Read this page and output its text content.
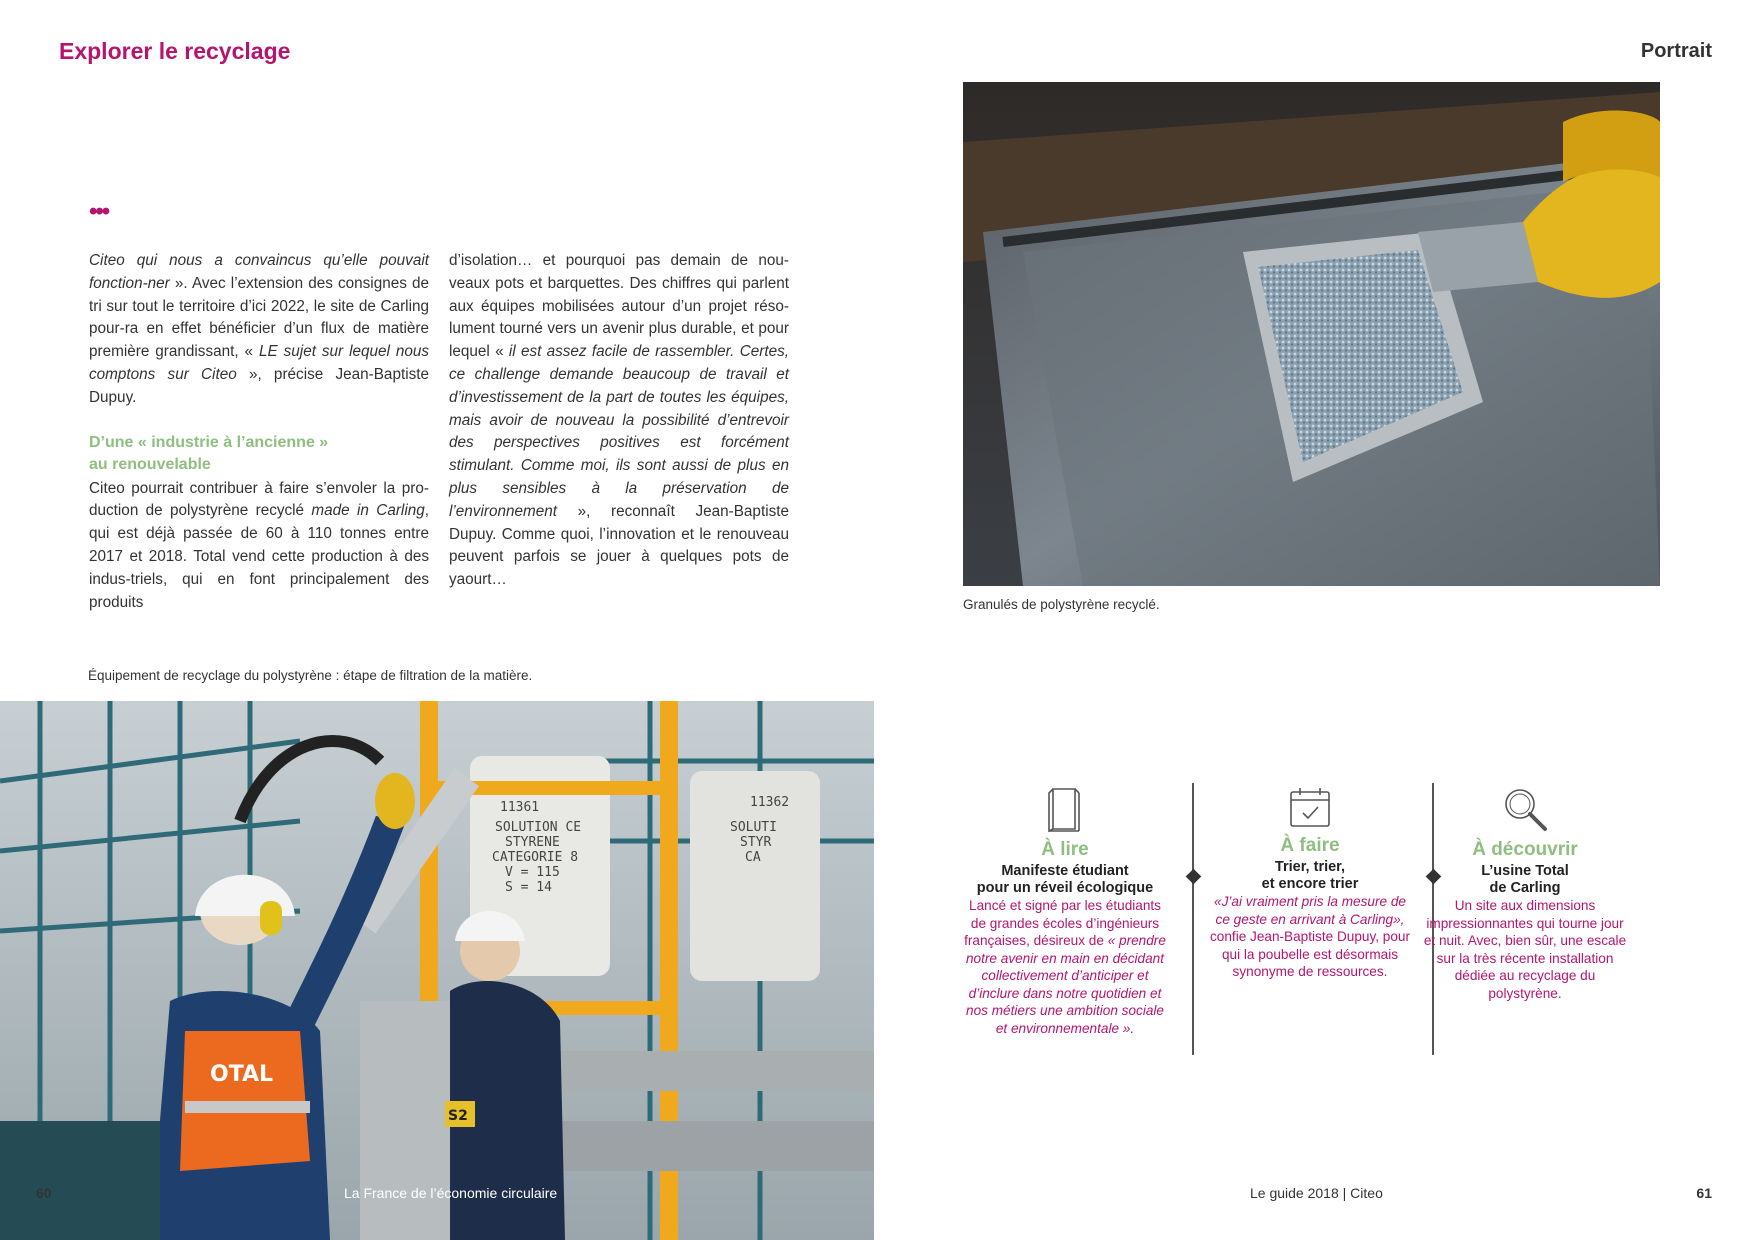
Explorer le recyclage	Portrait
•••

Citeo qui nous a convaincus qu’elle pouvait fonction-ner ». Avec l’extension des consignes de tri sur tout le territoire d’ici 2022, le site de Carling pour-ra en effet bénéficier d’un flux de matière première grandissant, « LE sujet sur lequel nous comptons sur Citeo », précise Jean-Baptiste Dupuy.

D’une « industrie à l’ancienne »
au renouvelable

Citeo pourrait contribuer à faire s’envoler la pro-duction de polystyrène recyclé made in Carling, qui est déjà passée de 60 à 110 tonnes entre 2017 et 2018. Total vend cette production à des indus-triels, qui en font principalement des produits

d’isolation… et pourquoi pas demain de nou-veaux pots et barquettes. Des chiffres qui parlent aux équipes mobilisées autour d’un projet réso-lument tourné vers un avenir plus durable, et pour lequel « il est assez facile de rassembler. Certes, ce challenge demande beaucoup de travail et d’investissement de la part de toutes les équipes, mais avoir de nouveau la possibilité d’entrevoir des perspectives positives est forcément stimulant. Comme moi, ils sont aussi de plus en plus sensibles à la préservation de l’environnement », reconnaît Jean-Baptiste Dupuy. Comme quoi, l’innovation et le renouveau peuvent parfois se jouer à quelques pots de yaourt…

Granulés de polystyrène recyclé.
Équipement de recyclage du polystyrène : étape de filtration de la matière.
11361
SOLUTION CE
STYRENE
CATEGORIE 8
V = 115
S = 14
11362
SOLUTI
STYR
CA
OTAL
S2
À lire
Manifeste étudiant
pour un réveil écologique
Lancé et signé par les étudiants de grandes écoles d’ingénieurs françaises, désireux de « prendre notre avenir en main en décidant collectivement d’anticiper et d’inclure dans notre quotidien et nos métiers une ambition sociale et environnementale ».
À faire
Trier, trier,
et encore trier
«J’ai vraiment pris la mesure de ce geste en arrivant à Carling», confie Jean-Baptiste Dupuy, pour qui la poubelle est désormais synonyme de ressources.
À découvrir
L’usine Total
de Carling
Un site aux dimensions impressionnantes qui tourne jour et nuit. Avec, bien sûr, une escale sur la très récente installation dédiée au recyclage du polystyrène.
60	La France de l’économie circulaire	Le guide 2018 | Citeo	61
